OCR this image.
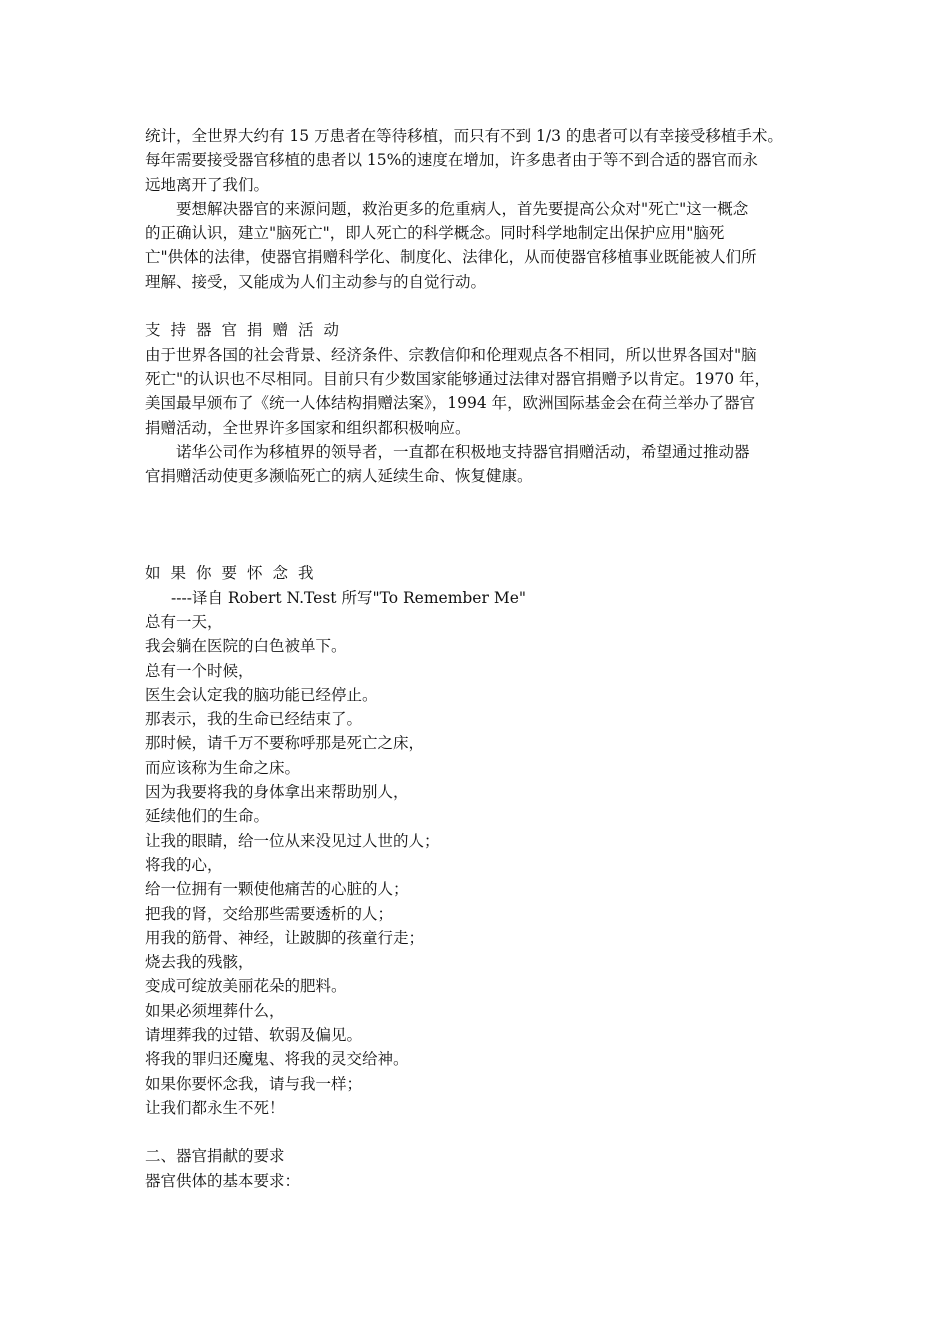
统计，全世界大约有 15 万患者在等待移植，而只有不到 1/3 的患者可以有幸接受移植手术。

每年需要接受器官移植的患者以 15%的速度在增加，许多患者由于等不到合适的器官而永

远地离开了我们。

要想解决器官的来源问题，救治更多的危重病人，首先要提高公众对"死亡"这一概念

的正确认识，建立"脑死亡"，即人死亡的科学概念。同时科学地制定出保护应用"脑死

亡"供体的法律，使器官捐赠科学化、制度化、法律化，从而使器官移植事业既能被人们所

理解、接受，又能成为人们主动参与的自觉行动。

支持器官捐赠活动

由于世界各国的社会背景、经济条件、宗教信仰和伦理观点各不相同，所以世界各国对"脑

死亡"的认识也不尽相同。目前只有少数国家能够通过法律对器官捐赠予以肯定。1970 年，

美国最早颁布了《统一人体结构捐赠法案》，1994 年，欧洲国际基金会在荷兰举办了器官

捐赠活动，全世界许多国家和组织都积极响应。

诺华公司作为移植界的领导者，一直都在积极地支持器官捐赠活动，希望通过推动器

官捐赠活动使更多濒临死亡的病人延续生命、恢复健康。

如果你要怀念我

----译自 Robert N.Test 所写"To Remember Me"

总有一天，

我会躺在医院的白色被单下。

总有一个时候，

医生会认定我的脑功能已经停止。

那表示，我的生命已经结束了。

那时候，请千万不要称呼那是死亡之床，

而应该称为生命之床。

因为我要将我的身体拿出来帮助别人，

延续他们的生命。

让我的眼睛，给一位从来没见过人世的人；

将我的心，

给一位拥有一颗使他痛苦的心脏的人；

把我的肾，交给那些需要透析的人；

用我的筋骨、神经，让跛脚的孩童行走；

烧去我的残骸，

变成可绽放美丽花朵的肥料。

如果必须埋葬什么，

请埋葬我的过错、软弱及偏见。

将我的罪归还魔鬼、将我的灵交给神。

如果你要怀念我，请与我一样；

让我们都永生不死！

二、器官捐献的要求

器官供体的基本要求：
